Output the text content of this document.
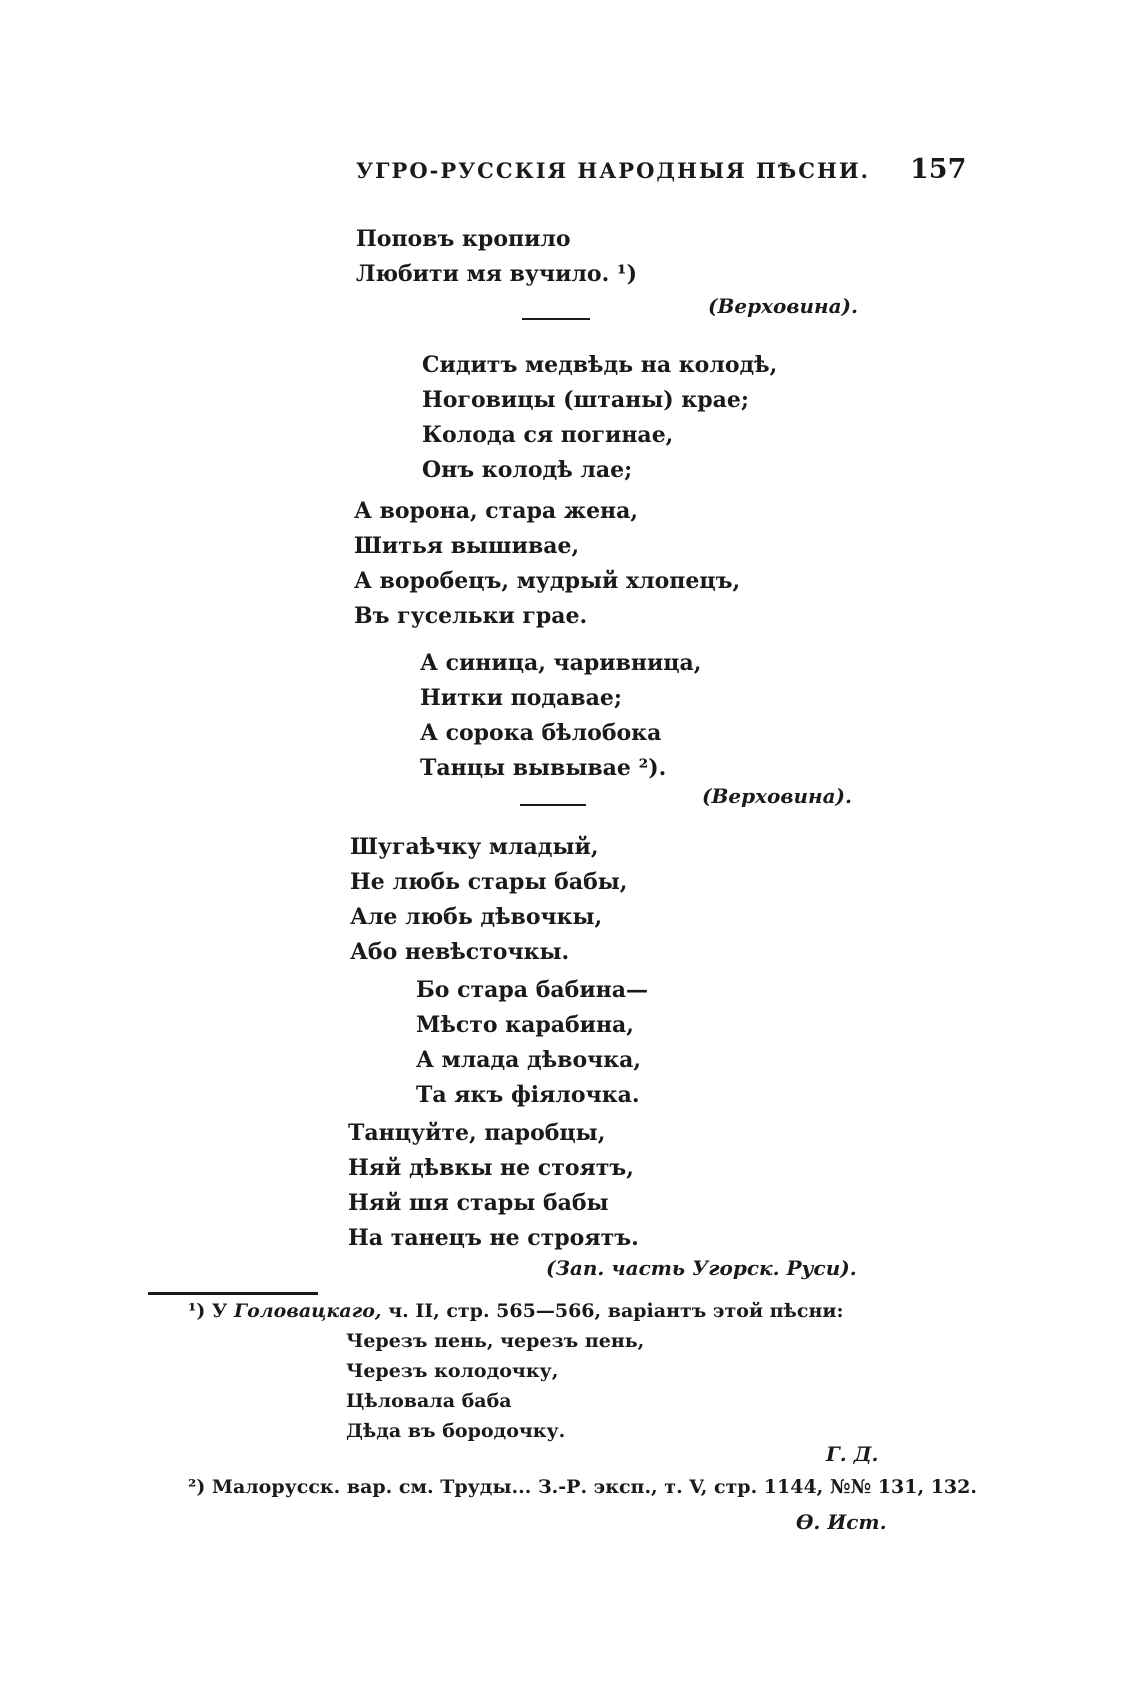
УГРО-РУССКІЯ НАРОДНЫЯ ПѢСНИ. 157
Поповъ кропило
Любити мя вучило. ¹)
(Верховина).
Сидитъ медвѣдь на колодѣ,
Ноговицы (штаны) крае;
Колода ся погинае,
Онъ колодѣ лае;
А ворона, стара жена,
Шитья вышивае,
А воробецъ, мудрый хлопецъ,
Въ гусельки грае.
А синица, чаривница,
Нитки подавае;
А сорока бѣлобока
Танцы вывывае ²).
(Верховина).
Шугаѣчку младый,
Не любь стары бабы,
Але любь дѣвочкы,
Або невѣсточкы.
Бо стара бабина—
Мѣсто карабина,
А млада дѣвочка,
Та якъ фіялочка.
Танцуйте, паробцы,
Няй дѣвкы не стоятъ,
Няй шя стары бабы
На танецъ не строятъ.
(Зап. часть Угорск. Руси).
¹) У Головацкаго, ч. II, стр. 565—566, варіантъ этой пѣсни:
Черезъ пень, черезъ пень,
Черезъ колодочку,
Цѣловала баба
Дѣда въ бородочку.
Г. Д.
²) Малорусск. вар. см. Труды... З.-Р. эксп., т. V, стр. 1144, №№ 131, 132.
Ѳ. Ист.
